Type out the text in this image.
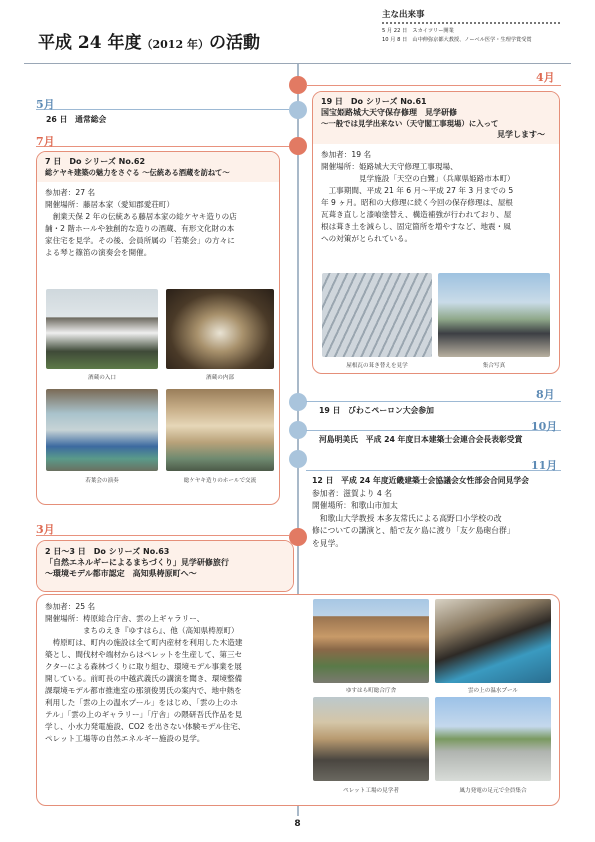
平成 24 年度（2012 年）の活動
主な出来事
5 月 22 日　スカイツリー開業
10 月 8 日　山中伸弥京都大教授、ノーベル医学・生理学賞受賞
4月
5月
26 日　通常総会
7月
7 日　Do シリーズ No.62
総ケヤキ建築の魅力をさぐる ～伝統ある酒蔵を訪ねて～
参加者：27 名
開催場所：藤居本家（愛知郡愛荘町）
　創業天保 2 年の伝統ある藤居本家の総ケヤキ造りの店
舗・2 階ホールや独創的な造りの酒蔵、有形文化財の本
家住宅を見学。その後、会員所属の「若葉会」の方々に
よる琴と篠笛の演奏会を開催。
酒蔵の入口	酒蔵の内部
若葉会の演奏	総ケヤキ造りのホールで交流
19 日　Do シリーズ No.61
国宝姫路城大天守保存修理　見学研修
～一般では見学出来ない（天守閣工事現場）に入って
見学します～
参加者：19 名
開催場所：姫路城大天守修理工事現場、
　　　　　見学施設「天空の白鷺」（兵庫県姫路市本町）
　工事期間、平成 21 年 6 月～平成 27 年 3 月までの 5
年 9 ヶ月。昭和の大修理に続く今回の保存修理は、屋根
瓦葺き直しと漆喰塗替え、構造補強が行われており、屋
根は葺き土を減らし、固定箇所を増やすなど、地震・風
への対策がとられている。
屋根瓦の葺き替えを見学	集合写真
8月
19 日　びわこペーロン大会参加
10月
河島明美氏　平成 24 年度日本建築士会連合会長表彰受賞
11月
12 日　平成 24 年度近畿建築士会協議会女性部会合同見学会
参加者：滋賀より 4 名
開催場所：和歌山市加太
　和歌山大学教授 本多友常氏による高野口小学校の改
修についての講演と、船で友ケ島に渡り「友ケ島砲台群」
を見学。
3月
2 日～3 日　Do シリーズ No.63
「自然エネルギーによるまちづくり」見学研修旅行
～環境モデル都市認定　高知県梼原町へ～
参加者：25 名
開催場所：梼原総合庁舎、雲の上ギャラリー、
　　　　　まちのえき『ゆすはら』、他（高知県梼原町）
　梼原町は、町内の施設は全て町内産材を利用した木造建
築とし、間伐材や端材からはペレットを生産して、第三セ
クターによる森林づくりに取り組む、環境モデル事業を展
開している。前町長の中越武義氏の講演を聞き、環境整備
課環境モデル都市推進室の那須俊男氏の案内で、地中熱を
利用した「雲の上の温水プール」をはじめ、「雲の上のホ
テル」「雲の上のギャラリー」「庁舎」の隈研吾氏作品を見
学し、小水力発電施設、CO2 を出さない体験モデル住宅、
ペレット工場等の自然エネルギー施設の見学。
ゆすはら町総合庁舎	雲の上の温水プール
ペレット工場の見学者	風力発電の足元で全員集合
8
